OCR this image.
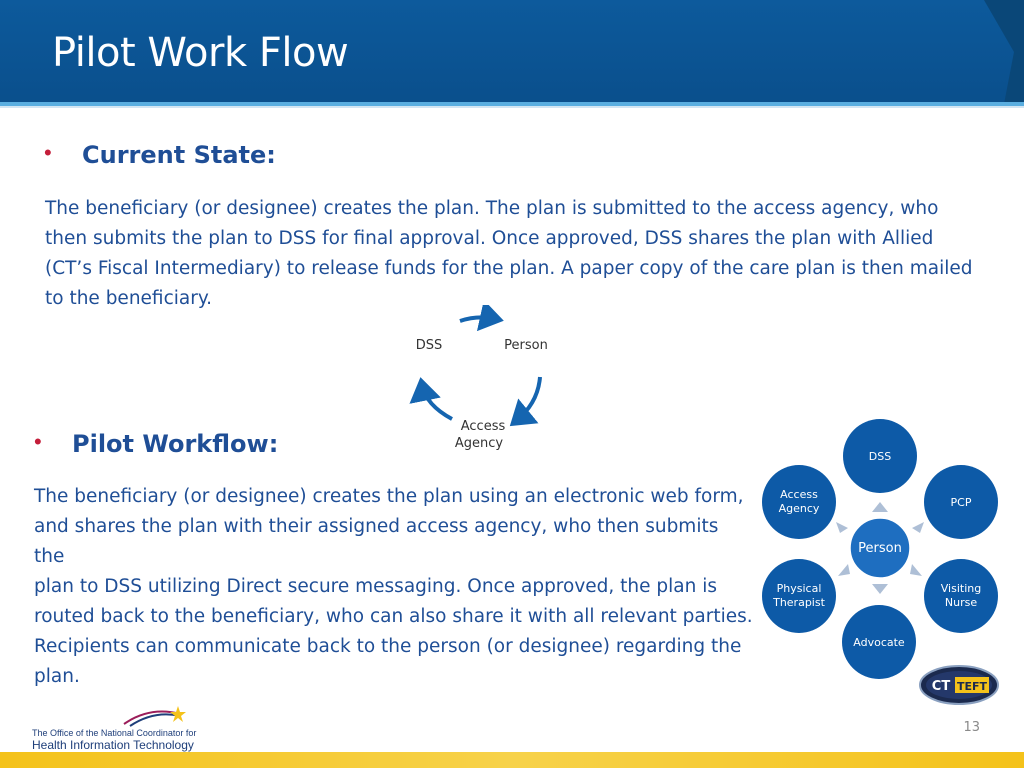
Pilot Work Flow
• Current State:
The beneficiary (or designee) creates the plan. The plan is submitted to the access agency, who
then submits the plan to DSS for final approval. Once approved, DSS shares the plan with Allied
(CT’s Fiscal Intermediary) to release funds for the plan. A paper copy of the care plan is then mailed
to the beneficiary.
DSS	Person
Access
Agency
• Pilot Workflow:
The beneficiary (or designee) creates the plan using an electronic web form,
and shares the plan with their assigned access agency, who then submits the
plan to DSS utilizing Direct secure messaging. Once approved, the plan is
routed back to the beneficiary, who can also share it with all relevant parties.
Recipients can communicate back to the person (or designee) regarding the
plan.
DSS
PCP
Visiting
Nurse
Advocate
Physical
Therapist
Access
Agency
Person
CT TEFT
The Office of the National Coordinator for
Health Information Technology
13
